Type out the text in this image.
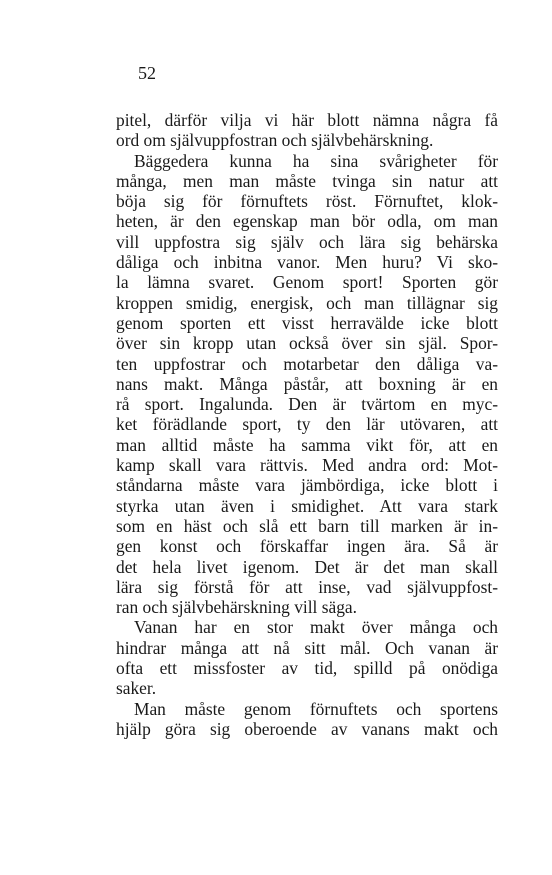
52
pitel, därför vilja vi här blott nämna några få
ord om självuppfostran och självbehärskning.
Bäggedera kunna ha sina svårigheter för
många, men man måste tvinga sin natur att
böja sig för förnuftets röst. Förnuftet, klok-
heten, är den egenskap man bör odla, om man
vill uppfostra sig själv och lära sig behärska
dåliga och inbitna vanor. Men huru? Vi sko-
la lämna svaret. Genom sport! Sporten gör
kroppen smidig, energisk, och man tillägnar sig
genom sporten ett visst herravälde icke blott
över sin kropp utan också över sin själ. Spor-
ten uppfostrar och motarbetar den dåliga va-
nans makt. Många påstår, att boxning är en
rå sport. Ingalunda. Den är tvärtom en myc-
ket förädlande sport, ty den lär utövaren, att
man alltid måste ha samma vikt för, att en
kamp skall vara rättvis. Med andra ord: Mot-
ståndarna måste vara jämbördiga, icke blott i
styrka utan även i smidighet. Att vara stark
som en häst och slå ett barn till marken är in-
gen konst och förskaffar ingen ära. Så är
det hela livet igenom. Det är det man skall
lära sig förstå för att inse, vad självuppfost-
ran och självbehärskning vill säga.
Vanan har en stor makt över många och
hindrar många att nå sitt mål. Och vanan är
ofta ett missfoster av tid, spilld på onödiga
saker.
Man måste genom förnuftets och sportens
hjälp göra sig oberoende av vanans makt och
